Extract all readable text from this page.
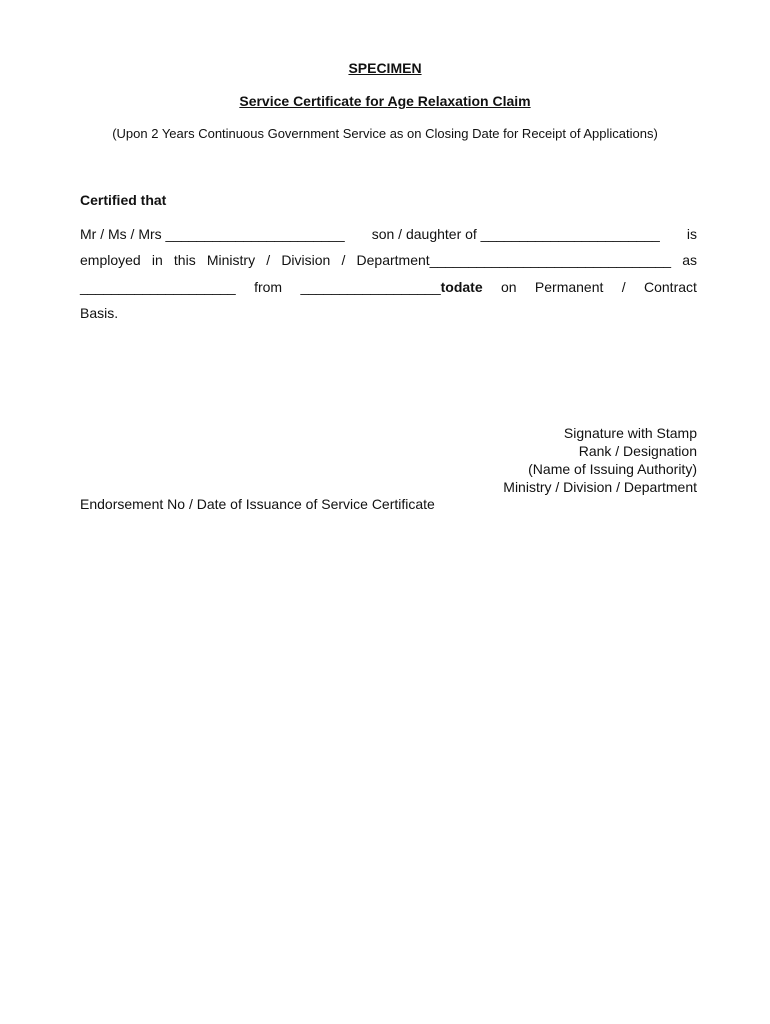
SPECIMEN
Service Certificate for Age Relaxation Claim
(Upon 2 Years Continuous Government Service as on Closing Date for Receipt of Applications)
Certified that
Mr / Ms / Mrs _______________________ son / daughter of _______________________ is
employed in this Ministry / Division / Department_______________________________ as
____________________ from __________________todate on Permanent / Contract
Basis.
Signature with Stamp
Rank / Designation
(Name of Issuing Authority)
Ministry / Division / Department
Endorsement No / Date of Issuance of Service Certificate
